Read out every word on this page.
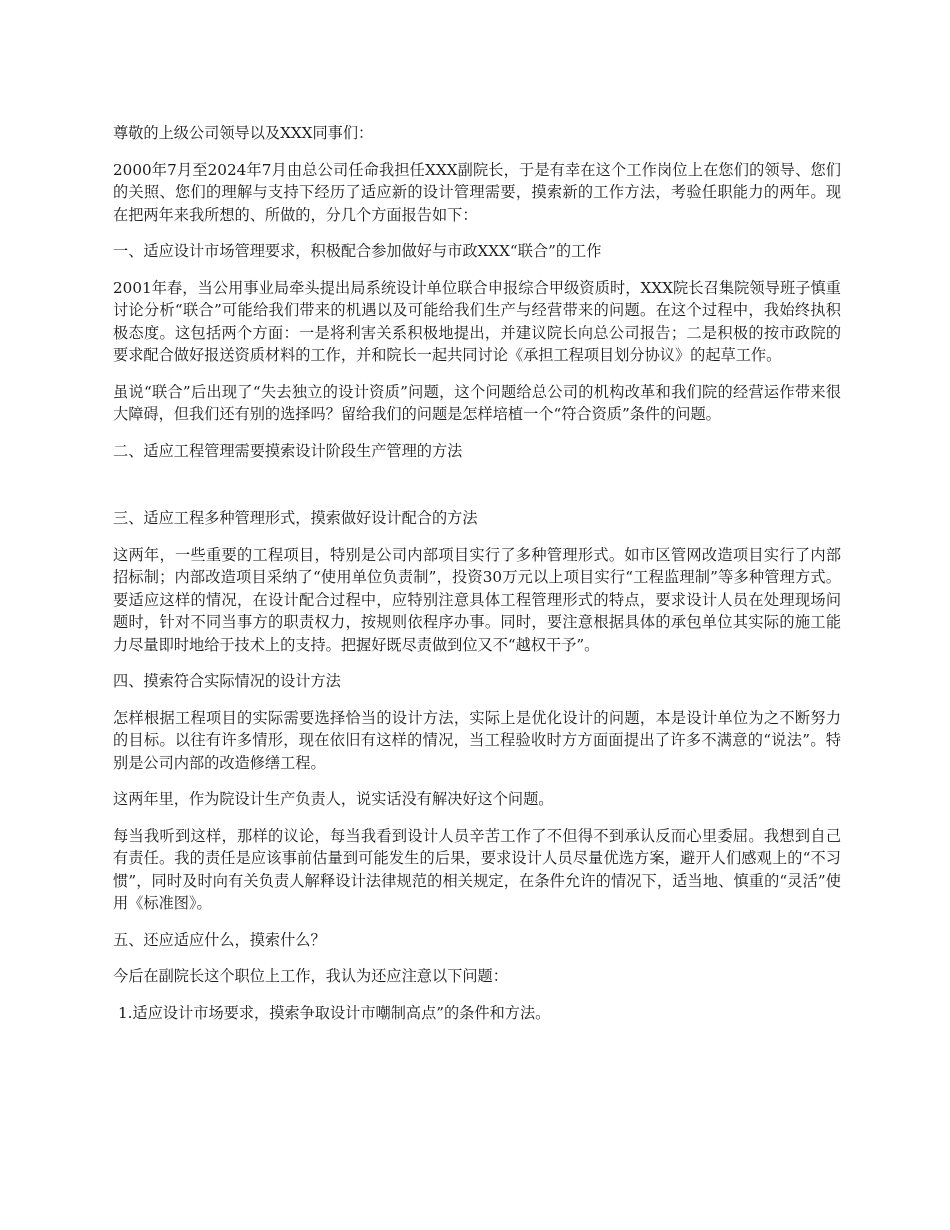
尊敬的上级公司领导以及XXX同事们：

2000年7月至2024年7月由总公司任命我担任XXX副院长，于是有幸在这个工作岗位上在您们的领导、您们的关照、您们的理解与支持下经历了适应新的设计管理需要，摸索新的工作方法，考验任职能力的两年。现在把两年来我所想的、所做的，分几个方面报告如下：

一、适应设计市场管理要求，积极配合参加做好与市政XXX“联合”的工作

2001年春，当公用事业局牵头提出局系统设计单位联合申报综合甲级资质时，XXX院长召集院领导班子慎重讨论分析“联合”可能给我们带来的机遇以及可能给我们生产与经营带来的问题。在这个过程中，我始终执积极态度。这包括两个方面：一是将利害关系积极地提出，并建议院长向总公司报告；二是积极的按市政院的要求配合做好报送资质材料的工作，并和院长一起共同讨论《承担工程项目划分协议》的起草工作。

虽说“联合”后出现了“失去独立的设计资质”问题，这个问题给总公司的机构改革和我们院的经营运作带来很大障碍，但我们还有别的选择吗？留给我们的问题是怎样培植一个“符合资质”条件的问题。

二、适应工程管理需要摸索设计阶段生产管理的方法

三、适应工程多种管理形式，摸索做好设计配合的方法

这两年，一些重要的工程项目，特别是公司内部项目实行了多种管理形式。如市区管网改造项目实行了内部招标制；内部改造项目采纳了“使用单位负责制”，投资30万元以上项目实行“工程监理制”等多种管理方式。要适应这样的情况，在设计配合过程中，应特别注意具体工程管理形式的特点，要求设计人员在处理现场问题时，针对不同当事方的职责权力，按规则依程序办事。同时，要注意根据具体的承包单位其实际的施工能力尽量即时地给于技术上的支持。把握好既尽责做到位又不“越权干予”。

四、摸索符合实际情况的设计方法

怎样根据工程项目的实际需要选择恰当的设计方法，实际上是优化设计的问题，本是设计单位为之不断努力的目标。以往有许多情形，现在依旧有这样的情况，当工程验收时方方面面提出了许多不满意的“说法”。特别是公司内部的改造修缮工程。

这两年里，作为院设计生产负责人，说实话没有解决好这个问题。

每当我听到这样，那样的议论，每当我看到设计人员辛苦工作了不但得不到承认反而心里委屈。我想到自己有责任。我的责任是应该事前估量到可能发生的后果，要求设计人员尽量优选方案，避开人们感观上的“不习惯”，同时及时向有关负责人解释设计法律规范的相关规定，在条件允许的情况下，适当地、慎重的“灵活”使用《标准图》。

五、还应适应什么，摸索什么？

今后在副院长这个职位上工作，我认为还应注意以下问题：

1.适应设计市场要求，摸索争取设计市嘲制高点”的条件和方法。
